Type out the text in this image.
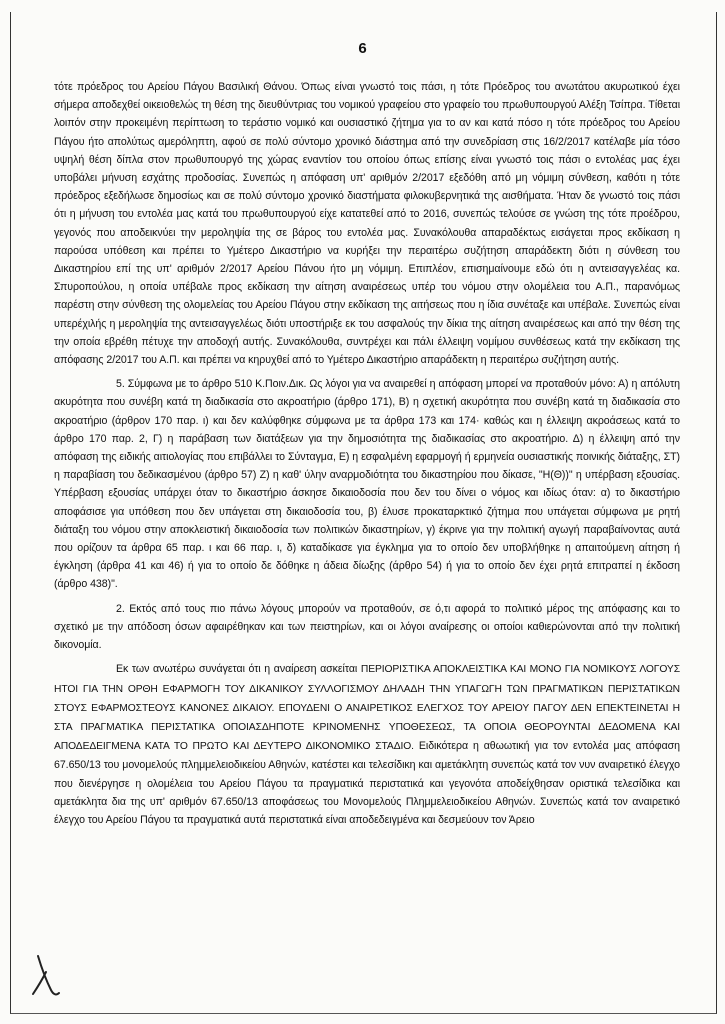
6

τότε πρόεδρος του Αρείου Πάγου Βασιλική Θάνου. Όπως είναι γνωστό τοις πάσι, η τότε Πρόεδρος του ανωτάτου ακυρωτικού έχει σήμερα αποδεχθεί οικειοθελώς τη θέση της διευθύντριας του νομικού γραφείου στο γραφείο του πρωθυπουργού Αλέξη Τσίπρα. Τίθεται λοιπόν στην προκειμένη περίπτωση το τεράστιο νομικό και ουσιαστικό ζήτημα για το αν και κατά πόσο η τότε πρόεδρος του Αρείου Πάγου ήτο απολύτως αμερόληπτη, αφού σε πολύ σύντομο χρονικό διάστημα από την συνεδρίαση στις 16/2/2017 κατέλαβε μία τόσο υψηλή θέση δίπλα στον πρωθυπουργό της χώρας εναντίον του οποίου όπως επίσης είναι γνωστό τοις πάσι ο εντολέας μας έχει υποβάλει μήνυση εσχάτης προδοσίας. Συνεπώς η απόφαση υπ' αριθμόν 2/2017 εξεδόθη από μη νόμιμη σύνθεση, καθότι η τότε πρόεδρος εξεδήλωσε δημοσίως και σε πολύ σύντομο χρονικό διαστήματα φιλοκυβερνητικά της αισθήματα. Ήταν δε γνωστό τοις πάσι ότι η μήνυση του εντολέα μας κατά του πρωθυπουργού είχε κατατεθεί από το 2016, συνεπώς τελούσε σε γνώση της τότε προέδρου, γεγονός που αποδεικνύει την μεροληψία της σε βάρος του εντολέα μας. Συνακόλουθα απαραδέκτως εισάγεται προς εκδίκαση η παρούσα υπόθεση και πρέπει το Υμέτερο Δικαστήριο να κυρήξει την περαιτέρω συζήτηση απαράδεκτη διότι η σύνθεση του Δικαστηρίου επί της υπ' αριθμόν 2/2017 Αρείου Πάνου ήτο μη νόμιμη. Επιπλέον, επισημαίνουμε εδώ ότι η αντεισαγγελέας κα. Σπυροπούλου, η οποία υπέβαλε προς εκδίκαση την αίτηση αναιρέσεως υπέρ του νόμου στην ολομέλεια του Α.Π., παρανόμως παρέστη στην σύνθεση της ολομελείας του Αρείου Πάγου στην εκδίκαση της αιτήσεως που η ίδια συνέταξε και υπέβαλε. Συνεπώς είναι υπερέχιλής η μεροληψία της αντεισαγγελέως διότι υποστήριξε εκ του ασφαλούς την δίκια της αίτηση αναιρέσεως και από την θέση της την οποία εβρέθη πέτυχε την αποδοχή αυτής. Συνακόλουθα, συντρέχει και πάλι έλλειψη νομίμου συνθέσεως κατά την εκδίκαση της απόφασης 2/2017 του Α.Π. και πρέπει να κηρυχθεί από το Υμέτερο Δικαστήριο απαράδεκτη η περαιτέρω συζήτηση αυτής.

5. Σύμφωνα με το άρθρο 510 Κ.Ποιν.Δικ. Ως λόγοι για να αναιρεθεί η απόφαση μπορεί να προταθούν μόνο: Α) η απόλυτη ακυρότητα που συνέβη κατά τη διαδικασία στο ακροατήριο (άρθρο 171), Β) η σχετική ακυρότητα που συνέβη κατά τη διαδικασία στο ακροατήριο (άρθρον 170 παρ. ι) και δεν καλύφθηκε σύμφωνα με τα άρθρα 173 και 174· καθώς και η έλλειψη ακροάσεως κατά το άρθρο 170 παρ. 2, Γ) η παράβαση των διατάξεων για την δημοσιότητα της διαδικασίας στο ακροατήριο. Δ) η έλλειψη από την απόφαση της ειδικής αιτιολογίας που επιβάλλει το Σύνταγμα, Ε) η εσφαλμένη εφαρμογή ή ερμηνεία ουσιαστικής ποινικής διάταξης, ΣΤ) η παραβίαση του δεδικασμένου (άρθρο 57) Ζ) η καθ' ύλην αναρμοδιότητα του δικαστηρίου που δίκασε, "Η(Θ))" η υπέρβαση εξουσίας. Υπέρβαση εξουσίας υπάρχει όταν το δικαστήριο άσκησε δικαιοδοσία που δεν του δίνει ο νόμος και ιδίως όταν: α) το δικαστήριο αποφάσισε για υπόθεση που δεν υπάγεται στη δικαιοδοσία του, β) έλυσε προκαταρκτικό ζήτημα που υπάγεται σύμφωνα με ρητή διάταξη του νόμου στην αποκλειστική δικαιοδοσία των πολιτικών δικαστηρίων, γ) έκρινε για την πολιτική αγωγή παραβαίνοντας αυτά που ορίζουν τα άρθρα 65 παρ. ι και 66 παρ. ι, δ) καταδίκασε για έγκλημα για το οποίο δεν υποβλήθηκε η απαιτούμενη αίτηση ή έγκληση (άρθρα 41 και 46) ή για το οποίο δε δόθηκε η άδεια δίωξης (άρθρο 54) ή για το οποίο δεν έχει ρητά επιτραπεί η έκδοση (άρθρο 438)".

2. Εκτός από τους πιο πάνω λόγους μπορούν να προταθούν, σε ό,τι αφορά το πολιτικό μέρος της απόφασης και το σχετικό με την απόδοση όσων αφαιρέθηκαν και των πειστηρίων, και οι λόγοι αναίρεσης οι οποίοι καθιερώνονται από την πολιτική δικονομία.

Εκ των ανωτέρω συνάγεται ότι η αναίρεση ασκείται ΠΕΡΙΟΡΙΣΤΙΚΑ ΑΠΟΚΛΕΙΣΤΙΚΑ ΚΑΙ ΜΟΝΟ ΓΙΑ ΝΟΜΙΚΟΥΣ ΛΟΓΟΥΣ ΗΤΟΙ ΓΙΑ ΤΗΝ ΟΡΘΗ ΕΦΑΡΜΟΓΗ ΤΟΥ ΔΙΚΑΝΙΚΟΥ ΣΥΛΛΟΓΙΣΜΟΥ ΔΗΛΑΔΗ ΤΗΝ ΥΠΑΓΩΓΗ ΤΩΝ ΠΡΑΓΜΑΤΙΚΩΝ ΠΕΡΙΣΤΑΤΙΚΩΝ ΣΤΟΥΣ ΕΦΑΡΜΟΣΤΕΟΥΣ ΚΑΝΟΝΕΣ ΔΙΚΑΙΟΥ. ΕΠΟΥΔΕΝΙ Ο ΑΝΑΙΡΕΤΙΚΟΣ ΕΛΕΓΧΟΣ ΤΟΥ ΑΡΕΙΟΥ ΠΑΓΟΥ ΔΕΝ ΕΠΕΚΤΕΙΝΕΤΑΙ Η ΣΤΑ ΠΡΑΓΜΑΤΙΚΑ ΠΕΡΙΣΤΑΤΙΚΑ ΟΠΟΙΑΣΔΗΠΟΤΕ ΚΡΙΝΟΜΕΝΗΣ ΥΠΟΘΕΣΕΩΣ, ΤΑ ΟΠΟΙΑ ΘΕΟΡΟΥΝΤΑΙ ΔΕΔΟΜΕΝΑ ΚΑΙ ΑΠΟΔΕΔΕΙΓΜΕΝΑ ΚΑΤΑ ΤΟ ΠΡΩΤΟ ΚΑΙ ΔΕΥΤΕΡΟ ΔΙΚΟΝΟΜΙΚΟ ΣΤΑΔΙΟ. Ειδικότερα η αθωωτική για τον εντολέα μας απόφαση 67.650/13 του μονομελούς πλημμελειοδικείου Αθηνών, κατέστει και τελεσίδικη και αμετάκλητη συνεπώς κατά τον νυν αναιρετικό έλεγχο που διενέργησε η ολομέλεια του Αρείου Πάγου τα πραγματικά περιστατικά και γεγονότα αποδείχθησαν οριστικά τελεσίδικα και αμετάκλητα δια της υπ' αριθμόν 67.650/13 αποφάσεως του Μονομελούς Πλημμελειοδικείου Αθηνών. Συνεπώς κατά τον αναιρετικό έλεγχο του Αρείου Πάγου τα πραγματικά αυτά περιστατικά είναι αποδεδειγμένα και δεσμεύουν τον Άρειο
